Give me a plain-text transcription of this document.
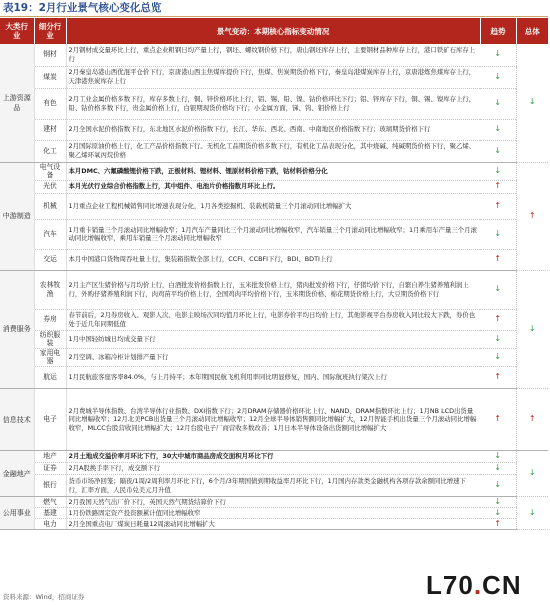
表19：2月行业景气核心变化总览
大类行业	细分行业	景气变动：本期核心指标变动情况	趋势	总体
上游资源品	钢材	2月钢材成交量环比上行，重点企业粗钢日均产量上行，钢坯、螺纹钢价格下行，唐山钢坯库存上行，主要钢材品种库存上行，港口铁矿石库存上行	↓	↓
	煤炭	2月秦皇岛港山西优混平仓价下行，京唐港山西主焦煤库提价下行，焦煤、焦炭期货价格下行，秦皇岛港煤炭库存上行，京唐港炼焦煤库存上行，天津港焦炭库存上行	↓	
	有色	2月工业金属价格多数下行，库存多数上行，铜、锌价格环比上行，铝、锡、铅、镍、钴价格环比下行；铝、锌库存下行，铜、锡、镍库存上行，铅、钴价格多数下行，贵金属价格上行，白银期现货价格均下行；小金属方面，锑、钨、钼价格上行	↓	
	建材	2月全国水泥价格指数下行，东北地区水泥价格指数下行，长江、华东、西北、西南、中南地区价格指数下行；玻璃期货价格下行	↓	
	化工	2月国际原油价格上行，化工产品价格指数下行。无机化工品期货价格多数下行，有机化工品表现分化，其中烧碱、纯碱期货价格下行，聚乙烯、聚乙烯环氧丙烷价格	↓	
中游制造	电气设备	本月DMC、六氟磷酸锂价格下跌，正极材料、锂材料、锂原材料价格下跌，钴材料价格分化	↓	↑
	光伏	本月光伏行业综合价格指数上行，其中组件、电池片价格指数月环比上行。	↑	
	机械	1月重点企业工程机械销售同比增速表现分化，1月各类挖掘机、装载机销量三个月滚动同比增幅扩大	↑	
	汽车	1月重卡销量三个月滚动同比增幅收窄；1月汽车产量同比三个月滚动同比增幅收窄，汽车销量三个月滚动同比增幅收窄；1月乘用车产量三个月滚动同比增幅收窄，乘用车销量三个月滚动同比增幅收窄	↓	
	交运	本月中国港口货物周吞吐量上行，集装箱指数全部上行，CCFI、CCBFI下行，BDI、BDTI上行	↑	
消费服务	农林牧渔	2月主产区生猪价格与月均价上行，白酒批发价格指数上行，玉米批发价格上行，猪肉批发价格下行，仔猪均价下行，自繁自养生猪养殖利润上行，外购仔猪养殖利润下行，肉鸡苗平均价格上行，全国鸡肉平均价格下行，玉米期货价格、棉花期货价格上行，大豆期货价格下行	↓	↓
	券房	春节前后，2月券房收入、观影人次、电影主映场次同均值月环比上行，电影券价平均日均价上行，其他影视平台券房收入同比较大下跌，券价也处于近几年同期低值	↑	
	纺织服装	1月中国轻纺城日均成交量下行	↓	
	家用电器	2月空调、冰箱冷柜计划排产量下行	↓	
	航运	1月民航旅客座客率84.0%，与上月持平；本年期国民航飞机利用率同比明显修复，国内、国际航班执行架次上行	↑	
信息技术	电子	2月费城半导体指数、台湾半导体行业指数、DXI指数下行；2月DRAM存储器价格环比上行、NAND、DRAM指数环比上行；1月NB LCD出货量同比增幅收窄；12月北美PCB出货量三个月滚动同比增幅收窄；12月全球半导体销售额同比增幅扩大，12月智能手机出货量三个月滚动同比增幅收窄，MLCC台股营收同比增幅扩大；12月台股电子厂商营收多数改善；1月日本半导体设备出货额同比增幅扩大	↑	↑
金融地产	地产	2月土地成交溢价率月环比下行，30大中城市商品房成交面积月环比下行	↓	↓
	证券	2月A股换手率下行，成交额下行	↓	
	银行	货币市场净回笼；隔夜/1周/2周利率月环比下行，6个月/3年期国债到期收益率月环比下行，1月国内存款类金融机构各项存款余额同比增速下行，汇率方面，人民币兑美元月升值	↓	
公用事业	燃气	2月我国天然气出厂价下行，英国天然气期货结算价下行	↓	↓
	基建	1月份铁路固定资产投资额累计值同比增幅收窄	↓	
	电力	2月全国重点电厂煤炭日耗量12周滚动同比增幅扩大	↑	
资料来源：Wind，招商证券	L70.CN
